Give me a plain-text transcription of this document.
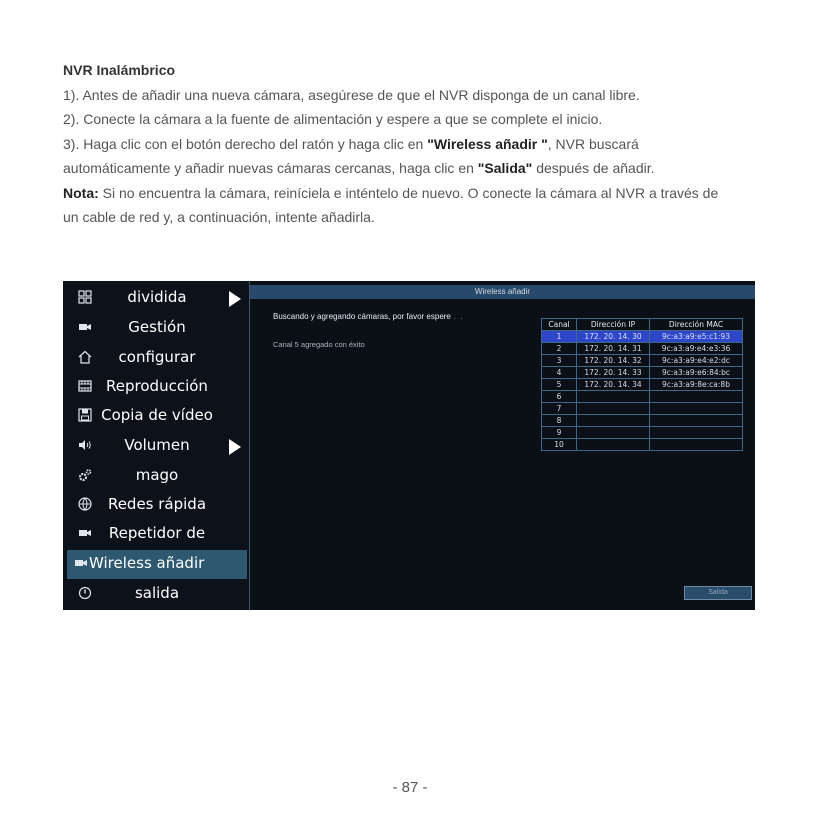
NVR Inalámbrico

1). Antes de añadir una nueva cámara, asegúrese de que el NVR disponga de un canal libre.

2). Conecte la cámara a la fuente de alimentación y espere a que se complete el inicio.

3). Haga clic con el botón derecho del ratón y haga clic en "Wireless añadir ", NVR buscará

automáticamente y añadir nuevas cámaras cercanas, haga clic en "Salida" después de añadir.

Nota: Si no encuentra la cámara, reiníciela e inténtelo de nuevo. O conecte la cámara al NVR a través de

un cable de red y, a continuación, intente añadirla.

dividida
Gestión
configurar
Reproducción
Copia de vídeo
Volumen
mago
Redes rápida
Repetidor de
Wireless añadir
salida
Wireless añadir
Buscando y agregando cámaras, por favor espere . .
Canal 5 agregado con éxito
Canal	Dirección IP	Dirección MAC
1	172. 20. 14. 30	9c:a3:a9:e5:c1:93
2	172. 20. 14. 31	9c:a3:a9:e4:e3:36
3	172. 20. 14. 32	9c:a3:a9:e4:e2:dc
4	172. 20. 14. 33	9c:a3:a9:e6:84:bc
5	172. 20. 14. 34	9c:a3:a9:8e:ca:8b
6		
7		
8		
9		
10		
Salida
- 87 -
